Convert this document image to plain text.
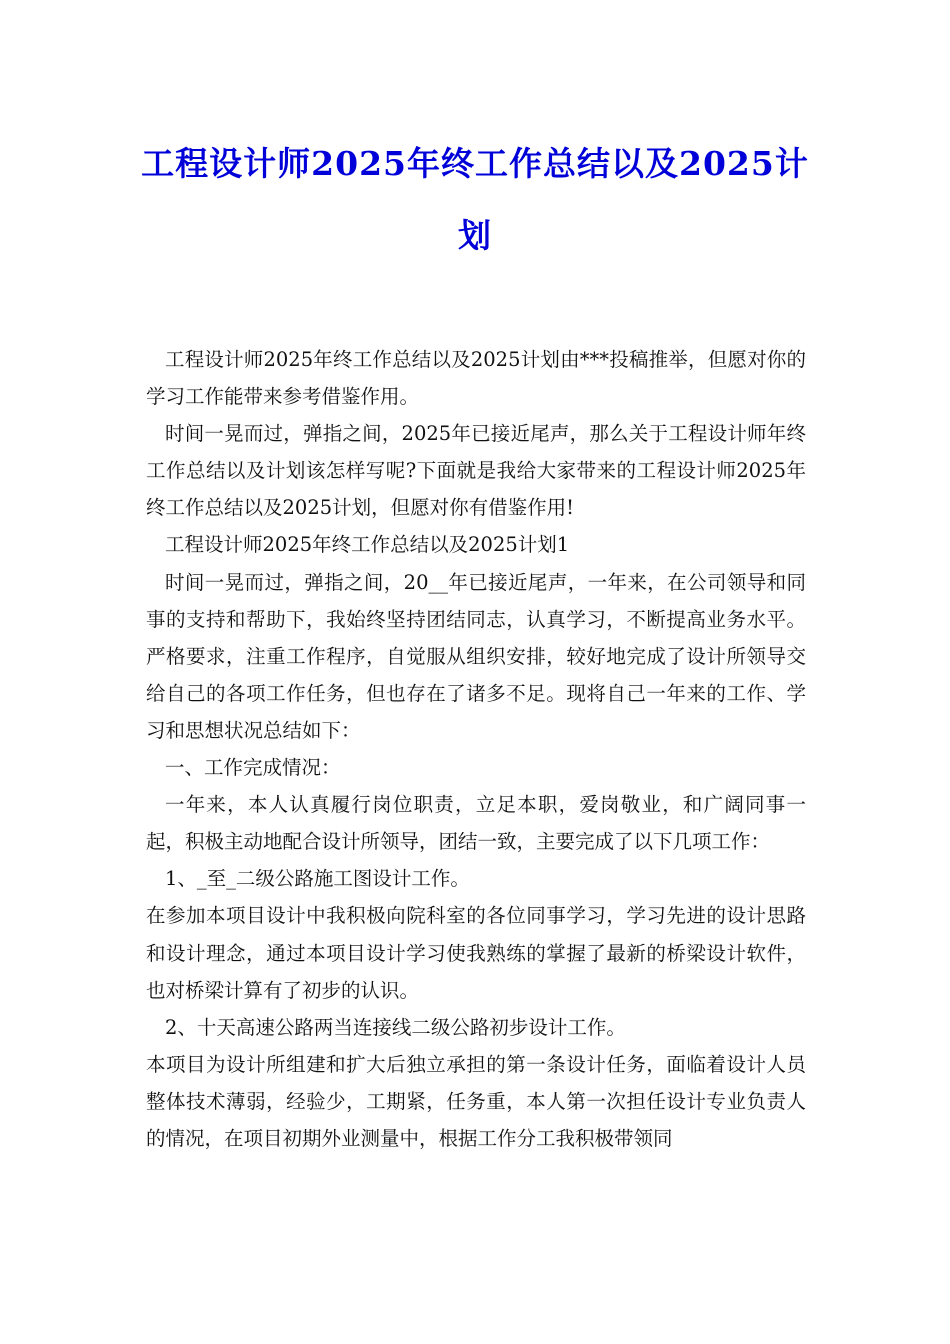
工程设计师2025年终工作总结以及2025计划

工程设计师2025年终工作总结以及2025计划由***投稿推举，但愿对你的学习工作能带来参考借鉴作用。

时间一晃而过，弹指之间，2025年已接近尾声，那么关于工程设计师年终工作总结以及计划该怎样写呢?下面就是我给大家带来的工程设计师2025年终工作总结以及2025计划，但愿对你有借鉴作用!

工程设计师2025年终工作总结以及2025计划1

时间一晃而过，弹指之间，20__年已接近尾声，一年来，在公司领导和同事的支持和帮助下，我始终坚持团结同志，认真学习，不断提高业务水平。严格要求，注重工作程序，自觉服从组织安排，较好地完成了设计所领导交给自己的各项工作任务，但也存在了诸多不足。现将自己一年来的工作、学习和思想状况总结如下：

一、工作完成情况：

一年来，本人认真履行岗位职责，立足本职，爱岗敬业，和广阔同事一起，积极主动地配合设计所领导，团结一致，主要完成了以下几项工作：

1、_至_二级公路施工图设计工作。

在参加本项目设计中我积极向院科室的各位同事学习，学习先进的设计思路和设计理念，通过本项目设计学习使我熟练的掌握了最新的桥梁设计软件，也对桥梁计算有了初步的认识。

2、十天高速公路两当连接线二级公路初步设计工作。

本项目为设计所组建和扩大后独立承担的第一条设计任务，面临着设计人员整体技术薄弱，经验少，工期紧，任务重，本人第一次担任设计专业负责人的情况，在项目初期外业测量中，根据工作分工我积极带领同
